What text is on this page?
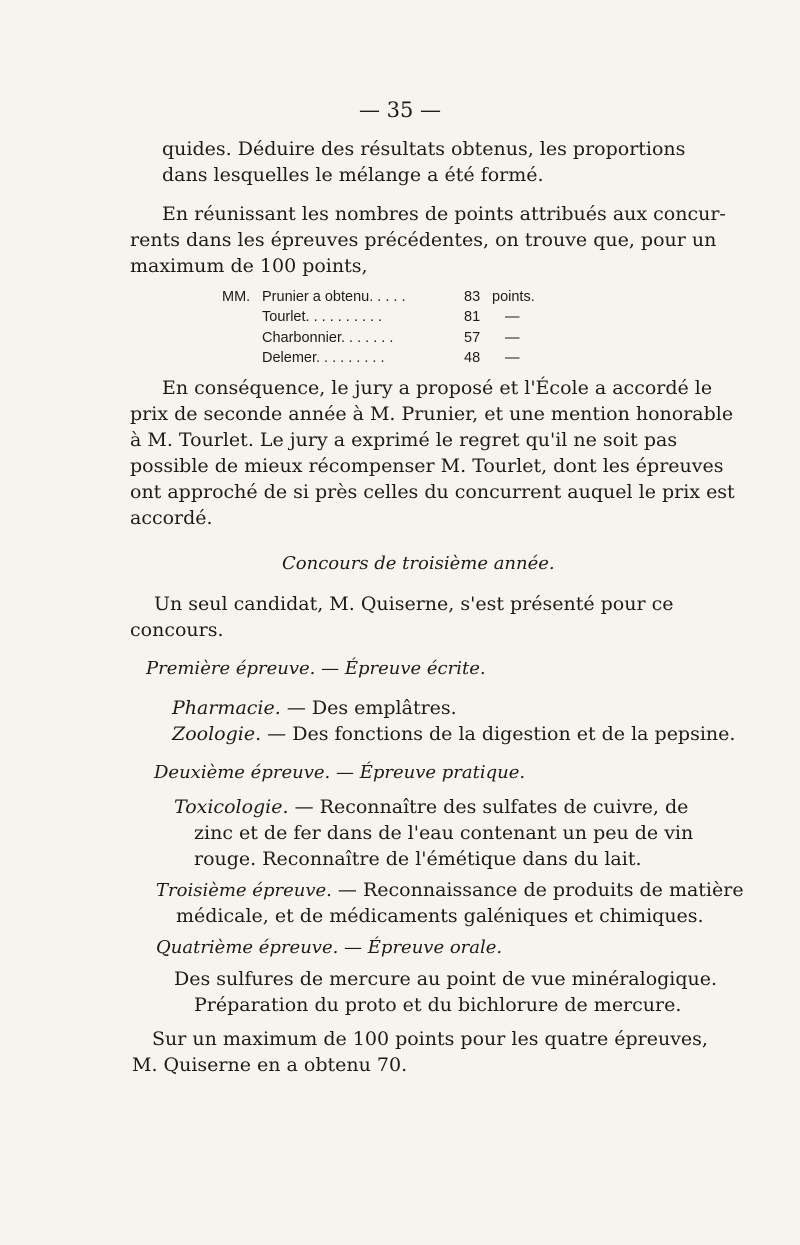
— 35 —

quides. Déduire des résultats obtenus, les proportions

dans lesquelles le mélange a été formé.

En réunissant les nombres de points attribués aux concur-

rents dans les épreuves précédentes, on trouve que, pour un

maximum de 100 points,

MM. Prunier a obtenu. . . . .	83 points.
Tourlet. . . . . . . . . .	81 —
Charbonnier. . . . . . .	57 —
Delemer. . . . . . . . .	48 —

En conséquence, le jury a proposé et l'École a accordé le

prix de seconde année à M. Prunier, et une mention honorable

à M. Tourlet. Le jury a exprimé le regret qu'il ne soit pas

possible de mieux récompenser M. Tourlet, dont les épreuves

ont approché de si près celles du concurrent auquel le prix est

accordé.

Concours de troisième année.

Un seul candidat, M. Quiserne, s'est présenté pour ce

concours.

Première épreuve. — Épreuve écrite.

Pharmacie. — Des emplâtres.

Zoologie. — Des fonctions de la digestion et de la pepsine.

Deuxième épreuve. — Épreuve pratique.

Toxicologie. — Reconnaître des sulfates de cuivre, de

zinc et de fer dans de l'eau contenant un peu de vin

rouge. Reconnaître de l'émétique dans du lait.

Troisième épreuve. — Reconnaissance de produits de matière

médicale, et de médicaments galéniques et chimiques.

Quatrième épreuve. — Épreuve orale.

Des sulfures de mercure au point de vue minéralogique.

Préparation du proto et du bichlorure de mercure.

Sur un maximum de 100 points pour les quatre épreuves,

M. Quiserne en a obtenu 70.
